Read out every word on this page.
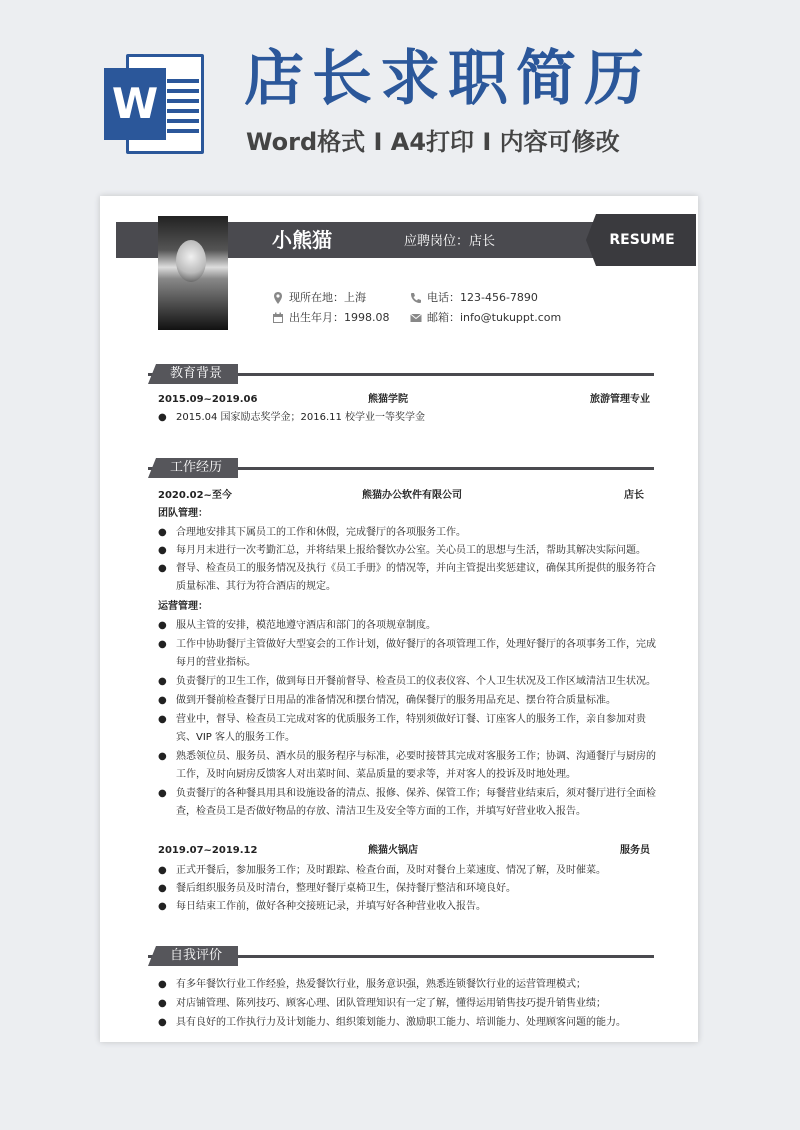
W 店长求职简历
Word格式 I A4打印 I 内容可修改
RESUME
小熊猫	应聘岗位：店长
现所在地：上海
出生年月：1998.08
电话：123-456-7890
邮箱：info@tukuppt.com
教育背景
2015.09~2019.06	熊猫学院	旅游管理专业
● 2015.04 国家励志奖学金；2016.11 校学业一等奖学金
工作经历
2020.02~至今	熊猫办公软件有限公司	店长
团队管理：
● 合理地安排其下属员工的工作和休假，完成餐厅的各项服务工作。
● 每月月末进行一次考勤汇总，并将结果上报给餐饮办公室。关心员工的思想与生活，帮助其解决实际问题。
● 督导、检查员工的服务情况及执行《员工手册》的情况等，并向主管提出奖惩建议，确保其所提供的服务符合质量标准、其行为符合酒店的规定。
运营管理：
● 服从主管的安排，模范地遵守酒店和部门的各项规章制度。
● 工作中协助餐厅主管做好大型宴会的工作计划，做好餐厅的各项管理工作，处理好餐厅的各项事务工作，完成每月的营业指标。
● 负责餐厅的卫生工作，做到每日开餐前督导、检查员工的仪表仪容、个人卫生状况及工作区域清洁卫生状况。
● 做到开餐前检查餐厅日用品的准备情况和摆台情况，确保餐厅的服务用品充足、摆台符合质量标准。
● 营业中，督导、检查员工完成对客的优质服务工作，特别须做好订餐、订座客人的服务工作，亲自参加对贵宾、VIP 客人的服务工作。
● 熟悉领位员、服务员、酒水员的服务程序与标准，必要时接替其完成对客服务工作；协调、沟通餐厅与厨房的工作，及时向厨房反馈客人对出菜时间、菜品质量的要求等，并对客人的投诉及时地处理。
● 负责餐厅的各种餐具用具和设施设备的清点、报修、保养、保管工作；每餐营业结束后，须对餐厅进行全面检查，检查员工是否做好物品的存放、清洁卫生及安全等方面的工作，并填写好营业收入报告。
2019.07~2019.12	熊猫火锅店	服务员
● 正式开餐后，参加服务工作；及时跟踪、检查台面，及时对餐台上菜速度、情况了解，及时催菜。
● 餐后组织服务员及时清台，整理好餐厅桌椅卫生，保持餐厅整洁和环境良好。
● 每日结束工作前，做好各种交接班记录，并填写好各种营业收入报告。
自我评价
● 有多年餐饮行业工作经验，热爱餐饮行业，服务意识强，熟悉连锁餐饮行业的运营管理模式；
● 对店铺管理、陈列技巧、顾客心理、团队管理知识有一定了解，懂得运用销售技巧提升销售业绩；
● 具有良好的工作执行力及计划能力、组织策划能力、激励职工能力、培训能力、处理顾客问题的能力。
